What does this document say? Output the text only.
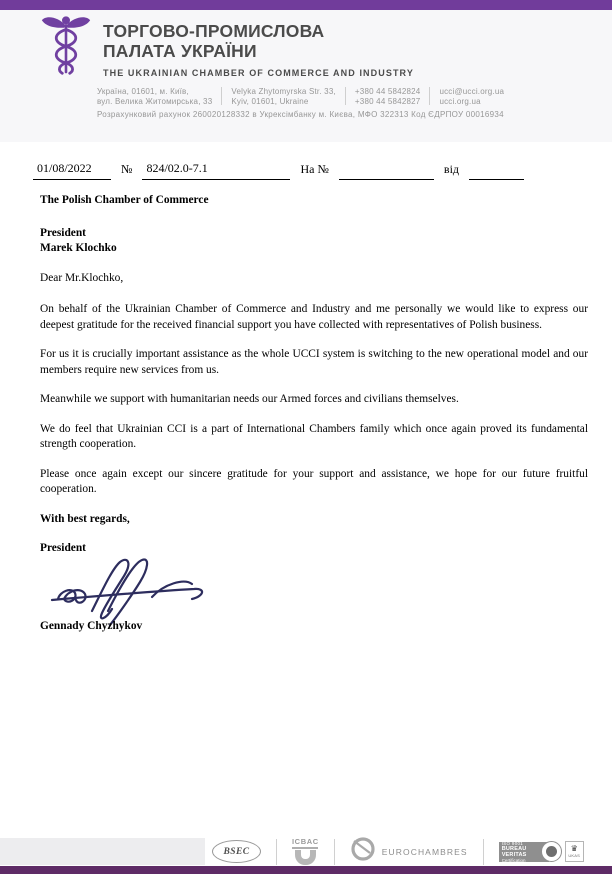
ТОРГОВО-ПРОМИСЛОВА
ПАЛАТА УКРАЇНИ
THE UKRAINIAN CHAMBER OF COMMERCE AND INDUSTRY
Україна, 01601, м. Київ,
вул. Велика Житомирська, 33
Velyka Zhytomyrska Str. 33,
Kyiv, 01601, Ukraine
+380 44 5842824
+380 44 5842827
ucci@ucci.org.ua
ucci.org.ua
Розрахунковий рахунок 260020128332 в Укрексімбанку м. Києва, МФО 322313 Код ЄДРПОУ 00016934
01/08/2022	№	824/02.0-7.1	На №	від

The Polish Chamber of Commerce

President
Marek Klochko

Dear Mr.Klochko,

On behalf of the Ukrainian Chamber of Commerce and Industry and me personally we would like to express our deepest gratitude for the received financial support you have collected with representatives of Polish business.

For us it is crucially important assistance as the whole UCCI system is switching to the new operational model and our members require new services from us.

Meanwhile we support with humanitarian needs our Armed forces and civilians themselves.

We do feel that Ukrainian CCI is a part of International Chambers family which once again proved its fundamental strength cooperation.

Please once again except our sincere gratitude for your support and assistance, we hope for our future fruitful cooperation.

With best regards,

President

Gennady Chyzhykov

BSEC
ICBAC
EUROCHAMBRES
ISO 9001
BUREAU VERITAS
Certification
♛
UKAS
